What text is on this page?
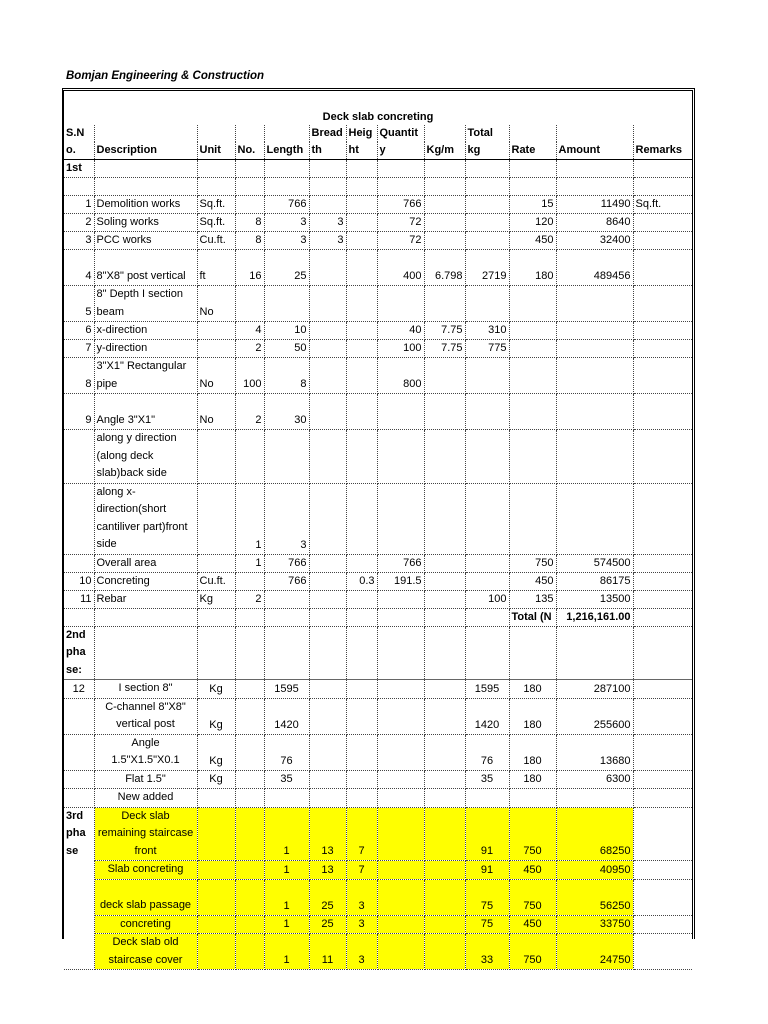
Bomjan Engineering & Construction
Deck slab concreting
S.N					Bread	Heig	Quantit		Total			
o.	Description	Unit	No.	Length	th	ht	y	Kg/m	kg	Rate	Amount	Remarks
1st												

1	Demolition works	Sq.ft.		766			766			15	11490	Sq.ft.
2	Soling works	Sq.ft.	8	3	3		72			120	8640	
3	PCC works	Cu.ft.	8	3	3		72			450	32400	
4	8"X8" post vertical	ft	16	25			400	6.798	2719	180	489456	
5	8" Depth I section beam	No										
6	x-direction		4	10			40	7.75	310			
7	y-direction		2	50			100	7.75	775			
8	3"X1" Rectangular pipe	No	100	8			800					
9	Angle 3"X1"	No	2	30								
	along y direction (along deck slab)back side											
	along x-direction(short cantiliver part)front side		1	3								
	Overall area		1	766			766			750	574500	
10	Concreting	Cu.ft.		766		0.3	191.5			450	86175	
11	Rebar	Kg	2						100	135	13500	
										Total (N	1,216,161.00	
2nd pha se:												
12	I section 8"	Kg		1595					1595	180	287100	
	C-channel 8"X8" vertical post	Kg		1420					1420	180	255600	
	Angle 1.5"X1.5"X0.1	Kg		76					76	180	13680	
	Flat 1.5"	Kg		35					35	180	6300	
	New added											
3rd pha se	Deck slab remaining staircase front			1	13	7			91	750	68250	
	Slab concreting			1	13	7			91	450	40950	
	deck slab passage			1	25	3			75	750	56250	
	concreting			1	25	3			75	450	33750	
	Deck slab old staircase cover			1	11	3			33	750	24750	
